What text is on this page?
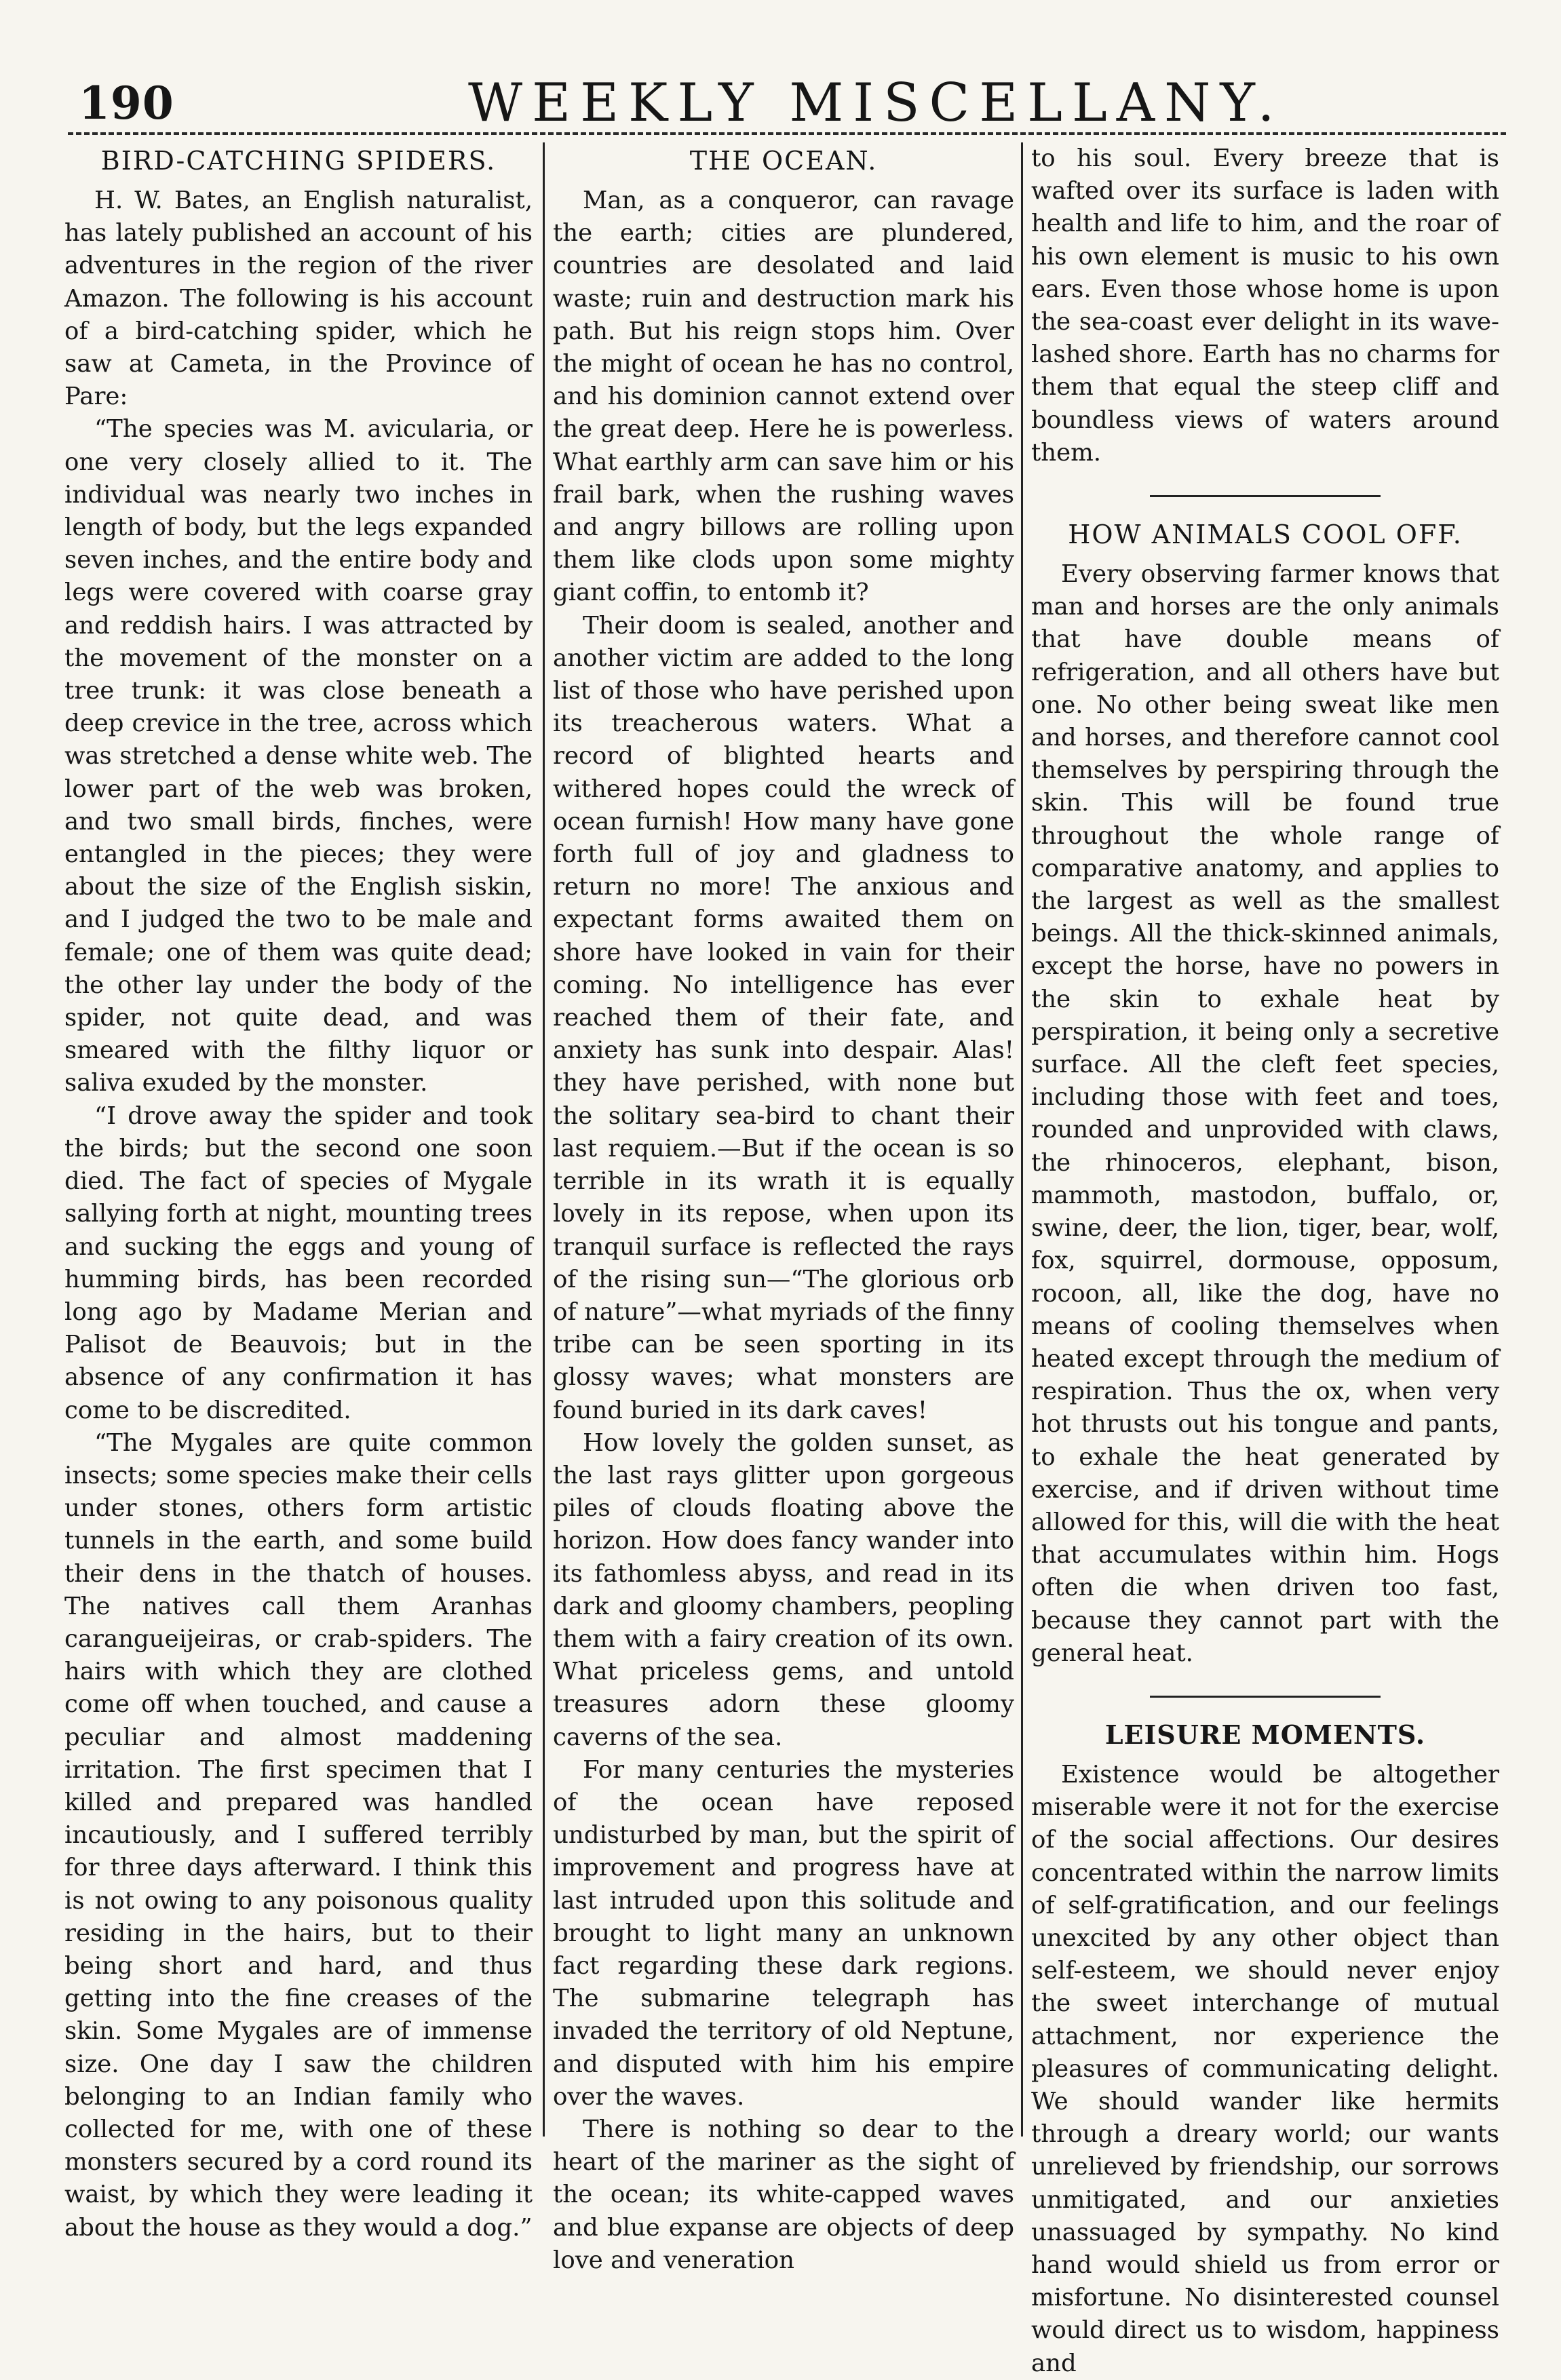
190	WEEKLY MISCELLANY.
BIRD-CATCHING SPIDERS.

H. W. Bates, an English naturalist, has lately published an account of his adventures in the region of the river Amazon. The following is his account of a bird-catching spider, which he saw at Cameta, in the Province of Pare:

“The species was M. avicularia, or one very closely allied to it. The individual was nearly two inches in length of body, but the legs expanded seven inches, and the entire body and legs were covered with coarse gray and reddish hairs. I was attracted by the movement of the monster on a tree trunk: it was close beneath a deep crevice in the tree, across which was stretched a dense white web. The lower part of the web was broken, and two small birds, finches, were entangled in the pieces; they were about the size of the English siskin, and I judged the two to be male and female; one of them was quite dead; the other lay under the body of the spider, not quite dead, and was smeared with the filthy liquor or saliva exuded by the monster.

“I drove away the spider and took the birds; but the second one soon died. The fact of species of Mygale sallying forth at night, mounting trees and sucking the eggs and young of humming birds, has been recorded long ago by Madame Merian and Palisot de Beauvois; but in the absence of any confirmation it has come to be discredited.

“The Mygales are quite common insects; some species make their cells under stones, others form artistic tunnels in the earth, and some build their dens in the thatch of houses. The natives call them Aranhas carangueijeiras, or crab-spiders. The hairs with which they are clothed come off when touched, and cause a peculiar and almost maddening irritation. The first specimen that I killed and prepared was handled incautiously, and I suffered terribly for three days afterward. I think this is not owing to any poisonous quality residing in the hairs, but to their being short and hard, and thus getting into the fine creases of the skin. Some Mygales are of immense size. One day I saw the children belonging to an Indian family who collected for me, with one of these monsters secured by a cord round its waist, by which they were leading it about the house as they would a dog.”

THE OCEAN.

Man, as a conqueror, can ravage the earth; cities are plundered, countries are desolated and laid waste; ruin and destruction mark his path. But his reign stops him. Over the might of ocean he has no control, and his dominion cannot extend over the great deep. Here he is powerless. What earthly arm can save him or his frail bark, when the rushing waves and angry billows are rolling upon them like clods upon some mighty giant coffin, to entomb it?

Their doom is sealed, another and another victim are added to the long list of those who have perished upon its treacherous waters. What a record of blighted hearts and withered hopes could the wreck of ocean furnish! How many have gone forth full of joy and gladness to return no more! The anxious and expectant forms awaited them on shore have looked in vain for their coming. No intelligence has ever reached them of their fate, and anxiety has sunk into despair. Alas! they have perished, with none but the solitary sea-bird to chant their last requiem.—But if the ocean is so terrible in its wrath it is equally lovely in its repose, when upon its tranquil surface is reflected the rays of the rising sun—“The glorious orb of nature”—what myriads of the finny tribe can be seen sporting in its glossy waves; what monsters are found buried in its dark caves!

How lovely the golden sunset, as the last rays glitter upon gorgeous piles of clouds floating above the horizon. How does fancy wander into its fathomless abyss, and read in its dark and gloomy chambers, peopling them with a fairy creation of its own. What priceless gems, and untold treasures adorn these gloomy caverns of the sea.

For many centuries the mysteries of the ocean have reposed undisturbed by man, but the spirit of improvement and progress have at last intruded upon this solitude and brought to light many an unknown fact regarding these dark regions. The submarine telegraph has invaded the territory of old Neptune, and disputed with him his empire over the waves.

There is nothing so dear to the heart of the mariner as the sight of the ocean; its white-capped waves and blue expanse are objects of deep love and veneration

to his soul. Every breeze that is wafted over its surface is laden with health and life to him, and the roar of his own element is music to his own ears. Even those whose home is upon the sea-coast ever delight in its wave-lashed shore. Earth has no charms for them that equal the steep cliff and boundless views of waters around them.

HOW ANIMALS COOL OFF.

Every observing farmer knows that man and horses are the only animals that have double means of refrigeration, and all others have but one. No other being sweat like men and horses, and therefore cannot cool themselves by perspiring through the skin. This will be found true throughout the whole range of comparative anatomy, and applies to the largest as well as the smallest beings. All the thick-skinned animals, except the horse, have no powers in the skin to exhale heat by perspiration, it being only a secretive surface. All the cleft feet species, including those with feet and toes, rounded and unprovided with claws, the rhinoceros, elephant, bison, mammoth, mastodon, buffalo, or, swine, deer, the lion, tiger, bear, wolf, fox, squirrel, dormouse, opposum, rocoon, all, like the dog, have no means of cooling themselves when heated except through the medium of respiration. Thus the ox, when very hot thrusts out his tongue and pants, to exhale the heat generated by exercise, and if driven without time allowed for this, will die with the heat that accumulates within him. Hogs often die when driven too fast, because they cannot part with the general heat.

LEISURE MOMENTS.

Existence would be altogether miserable were it not for the exercise of the social affections. Our desires concentrated within the narrow limits of self-gratification, and our feelings unexcited by any other object than self-esteem, we should never enjoy the sweet interchange of mutual attachment, nor experience the pleasures of communicating delight. We should wander like hermits through a dreary world; our wants unrelieved by friendship, our sorrows unmitigated, and our anxieties unassuaged by sympathy. No kind hand would shield us from error or misfortune. No disinterested counsel would direct us to wisdom, happiness and
